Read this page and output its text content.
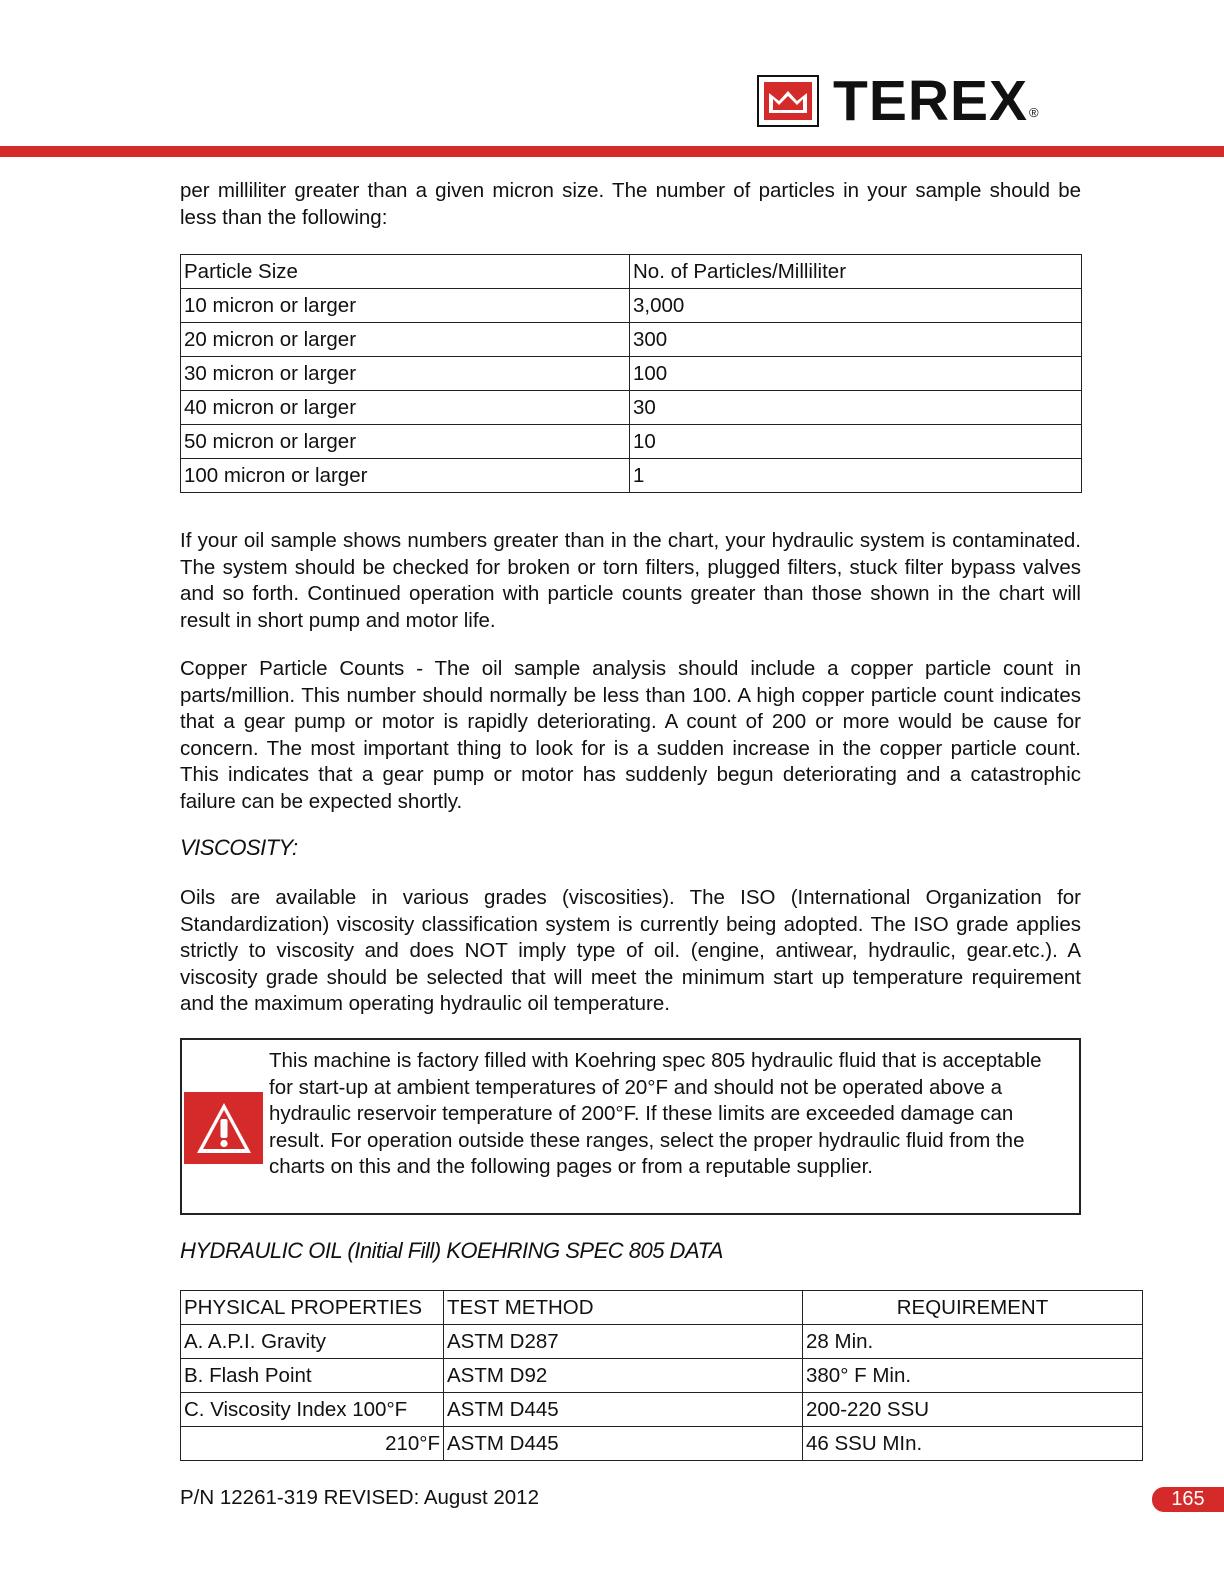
TEREX ®

per milliliter greater than a given micron size. The number of particles in your sample should be less than the following:

Particle Size	No. of Particles/Milliliter
10 micron or larger	3,000
20 micron or larger	300
30 micron or larger	100
40 micron or larger	30
50 micron or larger	10
100 micron or larger	1

If your oil sample shows numbers greater than in the chart, your hydraulic system is contaminated. The system should be checked for broken or torn filters, plugged filters, stuck filter bypass valves and so forth. Continued operation with particle counts greater than those shown in the chart will result in short pump and motor life.

Copper Particle Counts - The oil sample analysis should include a copper particle count in parts/million. This number should normally be less than 100. A high copper particle count indicates that a gear pump or motor is rapidly deteriorating. A count of 200 or more would be cause for concern. The most important thing to look for is a sudden increase in the copper particle count. This indicates that a gear pump or motor has suddenly begun deteriorating and a catastrophic failure can be expected shortly.

VISCOSITY:

Oils are available in various grades (viscosities). The ISO (International Organization for Standardization) viscosity classification system is currently being adopted. The ISO grade applies strictly to viscosity and does NOT imply type of oil. (engine, antiwear, hydraulic, gear.etc.). A viscosity grade should be selected that will meet the minimum start up temperature requirement and the maximum operating hydraulic oil temperature.

This machine is factory filled with Koehring spec 805 hydraulic fluid that is acceptable for start-up at ambient temperatures of 20°F and should not be operated above a hydraulic reservoir temperature of 200°F. If these limits are exceeded damage can result. For operation outside these ranges, select the proper hydraulic fluid from the charts on this and the following pages or from a reputable supplier.
HYDRAULIC OIL (Initial Fill) KOEHRING SPEC 805 DATA
PHYSICAL PROPERTIES	TEST METHOD	REQUIREMENT
A. A.P.I. Gravity	ASTM D287	28 Min.
B. Flash Point	ASTM D92	380° F Min.
C. Viscosity Index 100°F	ASTM D445	200-220 SSU
210°F	ASTM D445	46 SSU MIn.
P/N 12261-319 REVISED: August 2012	165
